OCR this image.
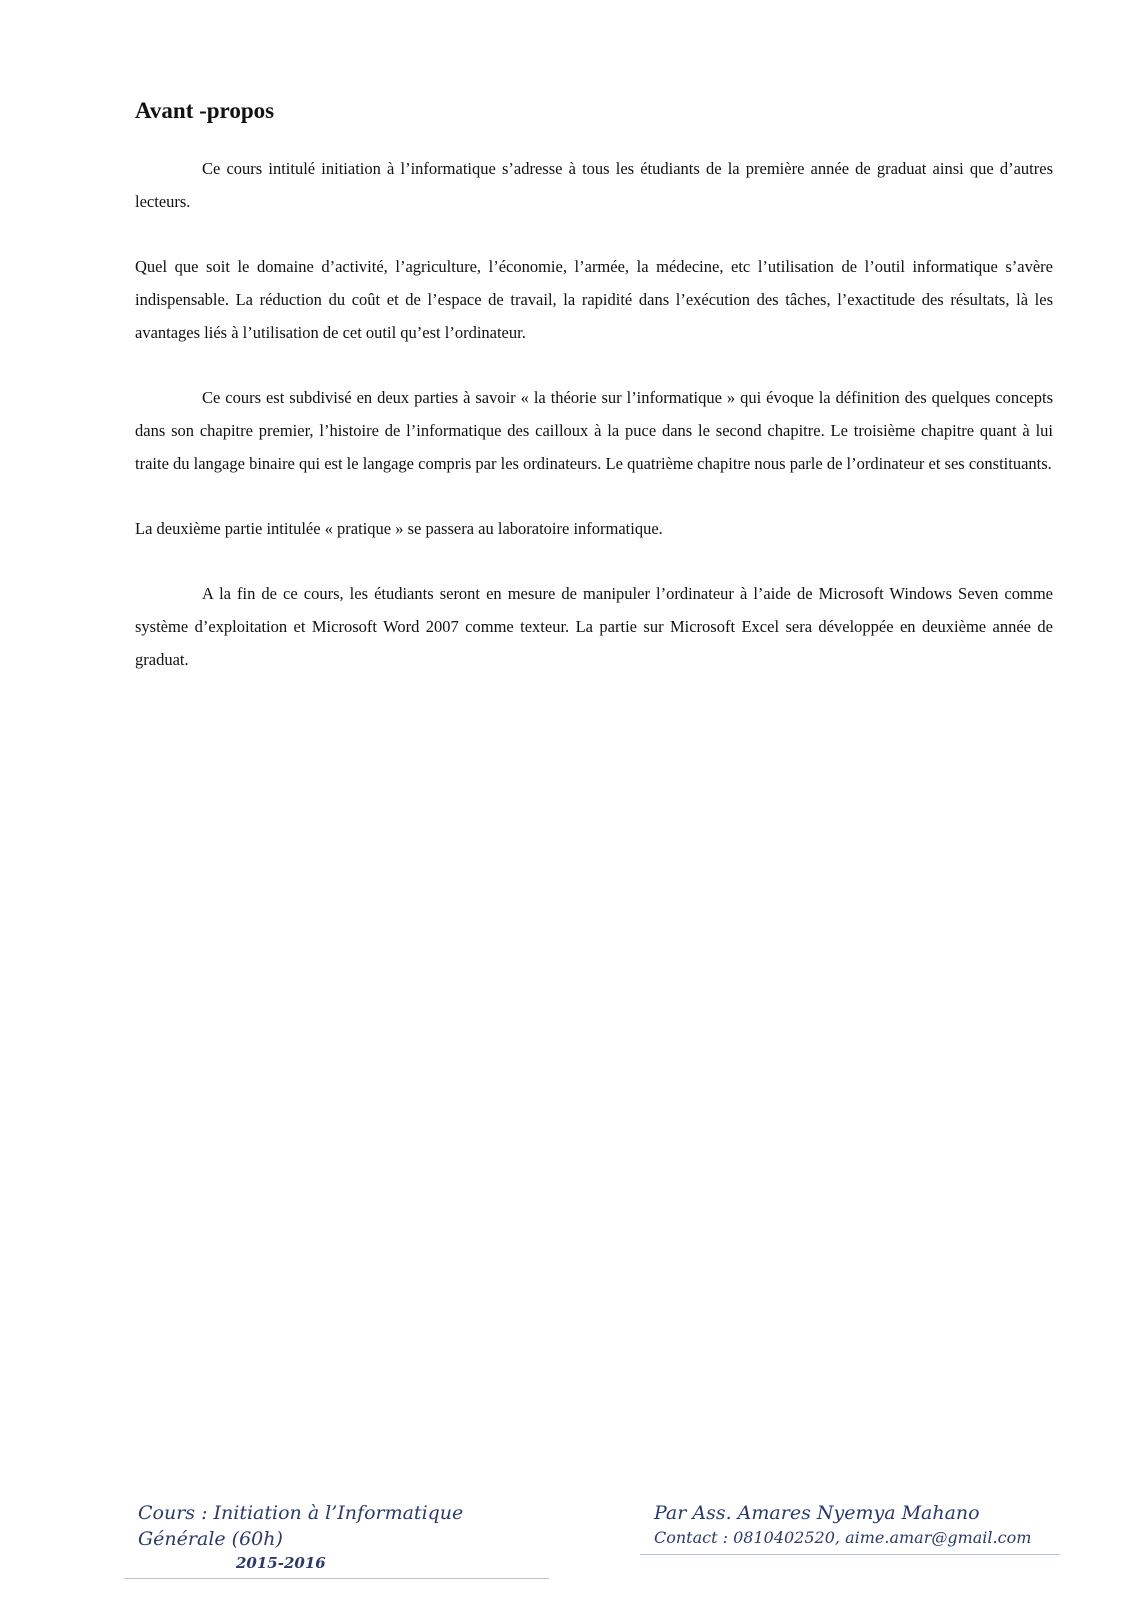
Avant -propos

Ce cours intitulé initiation à l’informatique s’adresse à tous les étudiants de la première année de graduat ainsi que d’autres lecteurs.

Quel que soit le domaine d’activité, l’agriculture, l’économie, l’armée, la médecine, etc l’utilisation de l’outil informatique s’avère indispensable. La réduction du coût et de l’espace de travail, la rapidité dans l’exécution des tâches, l’exactitude des résultats, là les avantages liés à l’utilisation de cet outil qu’est l’ordinateur.

Ce cours est subdivisé en deux parties à savoir « la théorie sur l’informatique » qui évoque la définition des quelques concepts dans son chapitre premier, l’histoire de l’informatique des cailloux à la puce dans le second chapitre. Le troisième chapitre quant à lui traite du langage binaire qui est le langage compris par les ordinateurs. Le quatrième chapitre nous parle de l’ordinateur et ses constituants.

La deuxième partie intitulée « pratique » se passera au laboratoire informatique.

A la fin de ce cours, les étudiants seront en mesure de manipuler l’ordinateur à l’aide de Microsoft Windows Seven comme système d’exploitation et Microsoft Word 2007 comme texteur. La partie sur Microsoft Excel sera développée en deuxième année de graduat.

Cours : Initiation à l’Informatique Générale (60h)
2015-2016
Par Ass. Amares Nyemya Mahano
Contact : 0810402520, aime.amar@gmail.com
